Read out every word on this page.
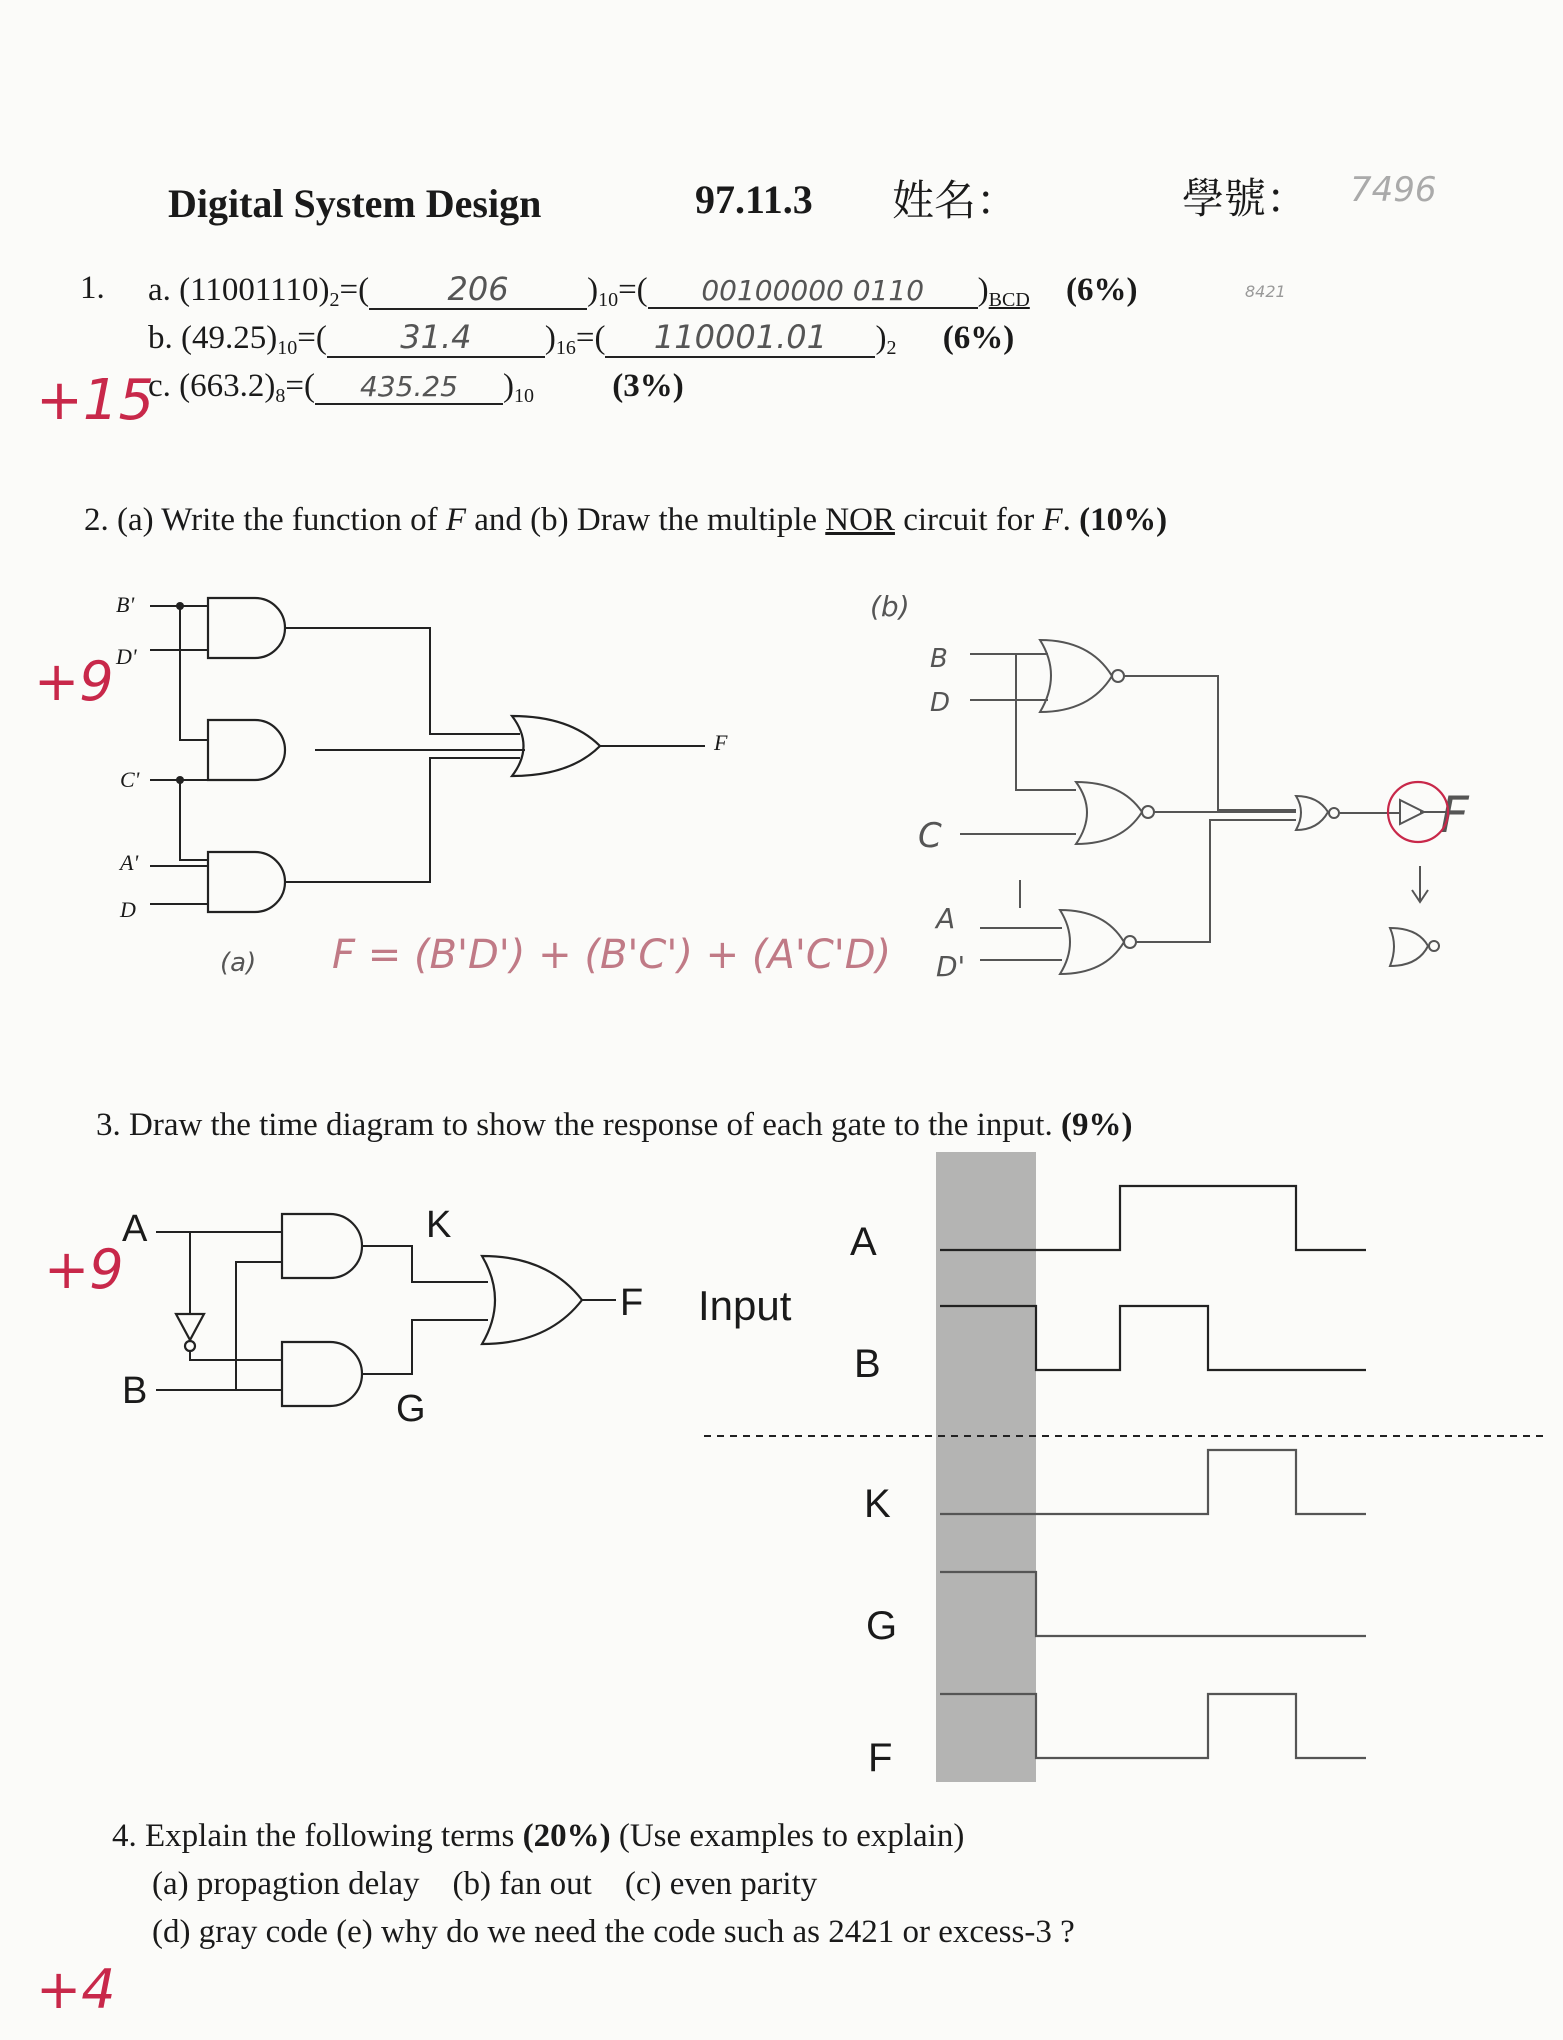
Digital System Design	97.11.3 姓名：	學號： 7496
1. a. $(11001110)_2=$( 206 )$_{10}=$( 00100000 0110 )$_{BCD}$ (6%)	8421
b. $(49.25)_{10}=$( 31.4 )$_{16}=$( 110001.01 )$_2$ (6%)
c. $(663.2)_8=$( 435.25 )$_{10}$ (3%)
+15
2. (a) Write the function of F and (b) Draw the multiple NOR circuit for F. (10%)
+9
B'
D'
C'
A'
D
F
(a) F = (B'D') + (B'C') + (A'C'D)
(b)
B
D
C
A
D'
F
3. Draw the time diagram to show the response of each gate to the input. (9%)
+9
A
B
K
G
F Input
A
B
K
G
F
4. Explain the following terms (20%) (Use examples to explain)
(a) propagtion delay    (b) fan out    (c) even parity
(d) gray code (e) why do we need the code such as 2421 or excess-3 ?
+4
